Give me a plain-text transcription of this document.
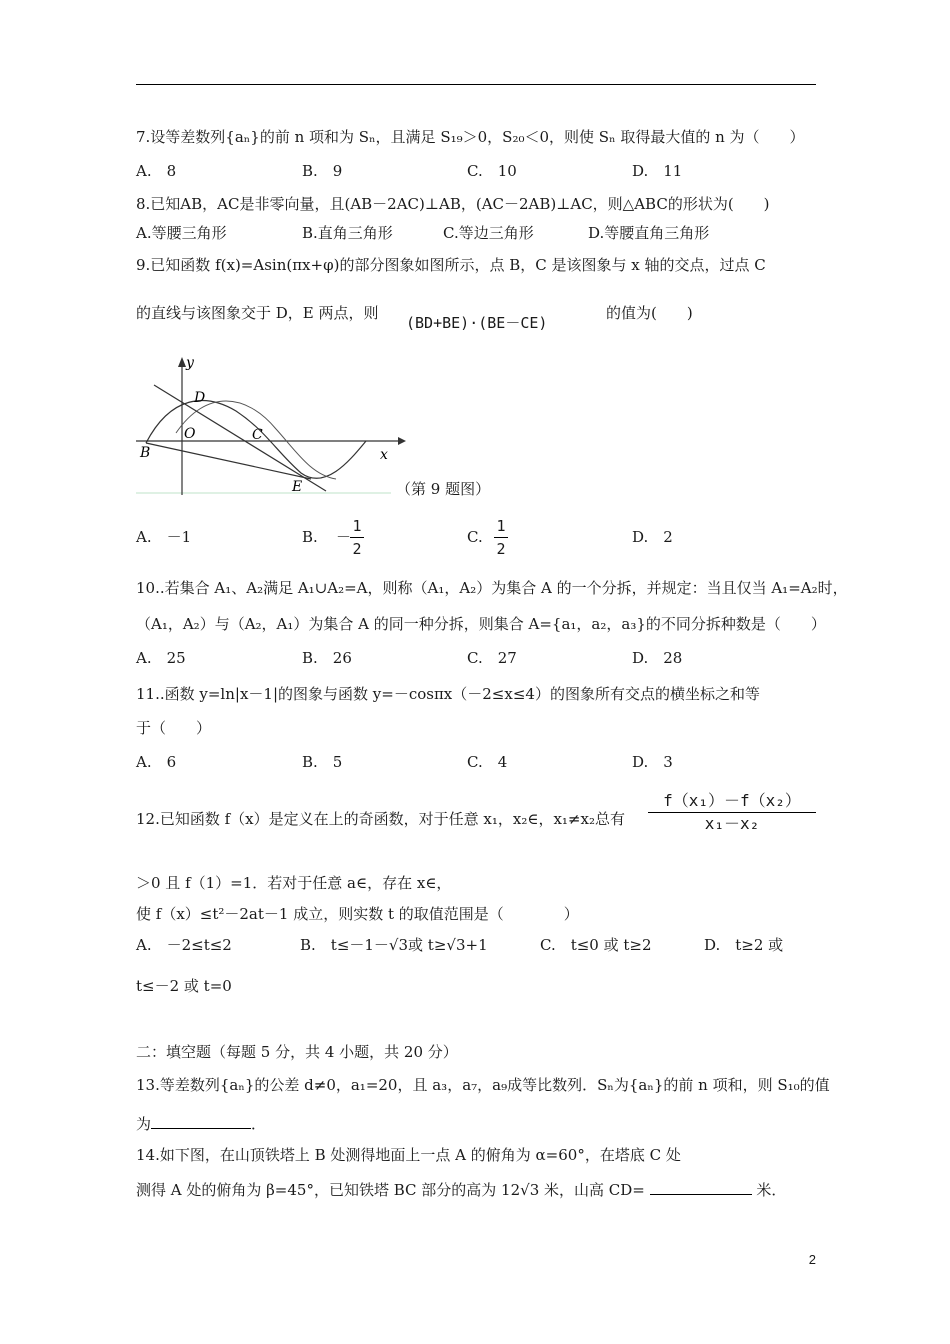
7.设等差数列{aₙ}的前 n 项和为 Sₙ，且满足 S₁₉＞0，S₂₀＜0，则使 Sₙ 取得最大值的 n 为（　　）
A.　8	B.　9	C.　10	D.　11
8.已知AB，AC是非零向量，且(AB－2AC)⊥AB，(AC－2AB)⊥AC，则△ABC的形状为(　　)
A.等腰三角形	B.直角三角形	C.等边三角形	D.等腰直角三角形
9.已知函数 f(x)=Asin(πx+φ)的部分图象如图所示，点 B，C 是该图象与 x 轴的交点，过点 C
的直线与该图象交于 D，E 两点，则
(BD+BE)·(BE－CE)
的值为(　　)
y
x
O
B
C
D
E	（第 9 题图）
A.　－1	B. －
1
2
C.
1
2
D.　2
10..若集合 A₁、A₂满足 A₁∪A₂=A，则称（A₁，A₂）为集合 A 的一个分拆，并规定：当且仅当 A₁=A₂时，
（A₁，A₂）与（A₂，A₁）为集合 A 的同一种分拆，则集合 A={a₁，a₂，a₃}的不同分拆种数是（　　）
A.　25	B.　26	C.　27	D.　28
11..函数 y=ln|x－1|的图象与函数 y=－cosπx（－2≤x≤4）的图象所有交点的横坐标之和等
于（　　）
A.　6	B.　5	C.　4	D.　3
12.已知函数 f（x）是定义在上的奇函数，对于任意 x₁，x₂∈，x₁≠x₂总有
f（x₁）－f（x₂）
x₁－x₂
＞0 且 f（1）=1．若对于任意 a∈，存在 x∈，
使 f（x）≤t²－2at－1 成立，则实数 t 的取值范围是（　　　　）
A.　－2≤t≤2	B.　t≤－1－√3或 t≥√3+1	C.　t≤0 或 t≥2	D.　t≥2 或
t≤－2 或 t=0
二：填空题（每题 5 分，共 4 小题，共 20 分）
13.等差数列{aₙ}的公差 d≠0，a₁=20，且 a₃，a₇，a₉成等比数列．Sₙ为{aₙ}的前 n 项和，则 S₁₀的值
为	．
14.如下图，在山顶铁塔上 B 处测得地面上一点 A 的俯角为 α=60°，在塔底 C 处
测得 A 处的俯角为 β=45°，已知铁塔 BC 部分的高为 12√3 米，山高 CD=	米．
2
